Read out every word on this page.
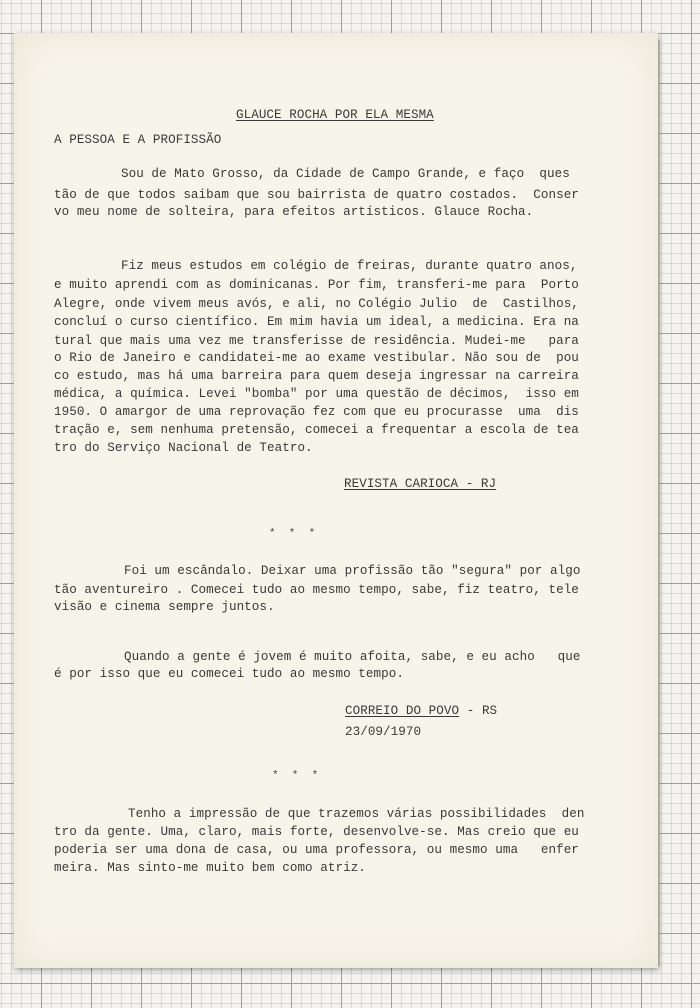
GLAUCE ROCHA POR ELA MESMA
A PESSOA E A PROFISSÃO
Sou de Mato Grosso, da Cidade de Campo Grande, e faço  ques
tão de que todos saibam que sou bairrista de quatro costados.  Conser
vo meu nome de solteira, para efeitos artísticos. Glauce Rocha.
Fiz meus estudos em colégio de freiras, durante quatro anos,
e muito aprendi com as dominicanas. Por fim, transferi-me para  Porto
Alegre, onde vivem meus avós, e ali, no Colégio Julio  de  Castilhos,
concluí o curso científico. Em mim havia um ideal, a medicina. Era na
tural que mais uma vez me transferisse de residência. Mudei-me   para
o Rio de Janeiro e candidatei-me ao exame vestibular. Não sou de  pou
co estudo, mas há uma barreira para quem deseja ingressar na carreira
médica, a química. Levei "bomba" por uma questão de décimos,  isso em
1950. O amargor de uma reprovação fez com que eu procurasse  uma  dis
tração e, sem nenhuma pretensão, comecei a frequentar a escola de tea
tro do Serviço Nacional de Teatro.
REVISTA CARIOCA - RJ
*  *  *
Foi um escândalo. Deixar uma profissão tão "segura" por algo
tão aventureiro . Comecei tudo ao mesmo tempo, sabe, fiz teatro, tele
visão e cinema sempre juntos.
Quando a gente é jovem é muito afoita, sabe, e eu acho   que
é por isso que eu comecei tudo ao mesmo tempo.
CORREIO DO POVO - RS
23/09/1970
*  *  *
Tenho a impressão de que trazemos várias possibilidades  den
tro da gente. Uma, claro, mais forte, desenvolve-se. Mas creio que eu
poderia ser uma dona de casa, ou uma professora, ou mesmo uma   enfer
meira. Mas sinto-me muito bem como atriz.
